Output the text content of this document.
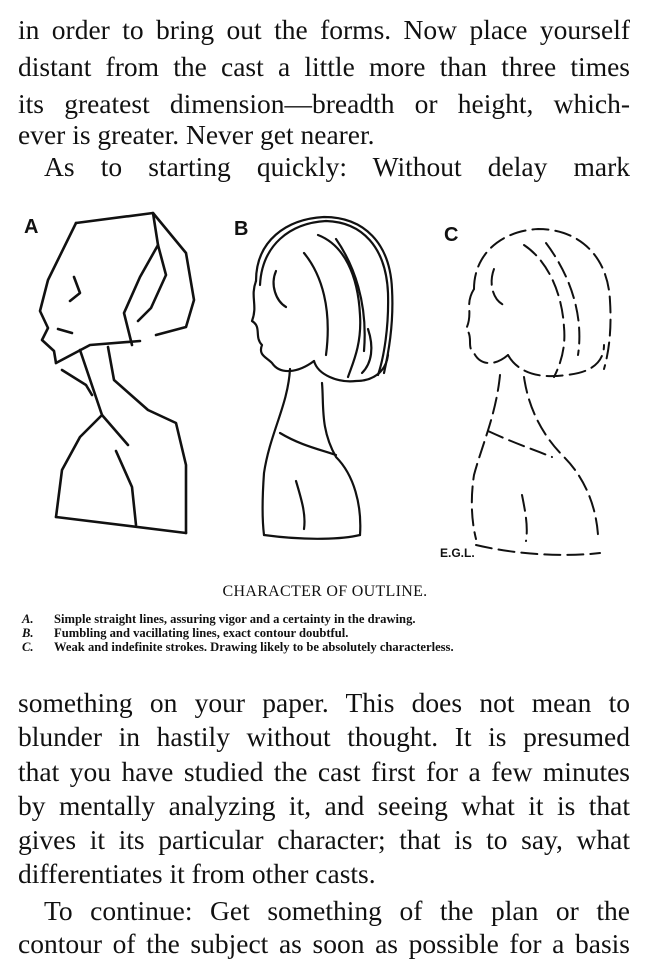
in order to bring out the forms. Now place yourself
distant from the cast a little more than three times
its greatest dimension—breadth or height, which-
ever is greater. Never get nearer.
As to starting quickly: Without delay mark
A	B	C
E.G.L.
CHARACTER OF OUTLINE.
A.	Simple straight lines, assuring vigor and a certainty in the drawing.
B.	Fumbling and vacillating lines, exact contour doubtful.
C.	Weak and indefinite strokes. Drawing likely to be absolutely characterless.
something on your paper. This does not mean to
blunder in hastily without thought. It is presumed
that you have studied the cast first for a few minutes
by mentally analyzing it, and seeing what it is that
gives it its particular character; that is to say, what
differentiates it from other casts.
To continue: Get something of the plan or the
contour of the subject as soon as possible for a basis
